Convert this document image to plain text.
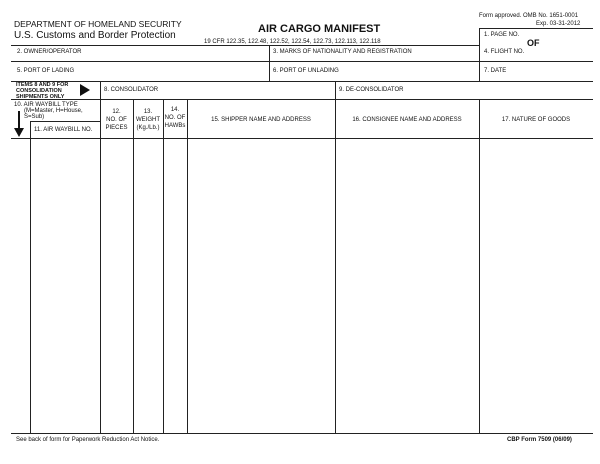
DEPARTMENT OF HOMELAND SECURITY
U.S. Customs and Border Protection
AIR CARGO MANIFEST
19 CFR 122.35, 122.48, 122.52, 122.54, 122.73, 122.113, 122.118
Form approved. OMB No. 1651-0001
Exp. 03-31-2012
1. PAGE NO.
OF
2. OWNER/OPERATOR	3. MARKS OF NATIONALITY AND REGISTRATION	4. FLIGHT NO.
5. PORT OF LADING	6. PORT OF UNLADING	7. DATE
ITEMS 8 AND 9 FOR
CONSOLIDATION
SHIPMENTS ONLY
8. CONSOLIDATOR	9. DE-CONSOLIDATOR
10. AIR WAYBILL TYPE
(M=Master, H=House,
S=Sub)
11. AIR WAYBILL NO.
12.
NO. OF
PIECES
13.
WEIGHT
(Kg./Lb.)
14.
NO. OF
HAWBs
15. SHIPPER NAME AND ADDRESS	16. CONSIGNEE NAME AND ADDRESS	17. NATURE OF GOODS
See back of form for Paperwork Reduction Act Notice.	CBP Form 7509 (06/09)
